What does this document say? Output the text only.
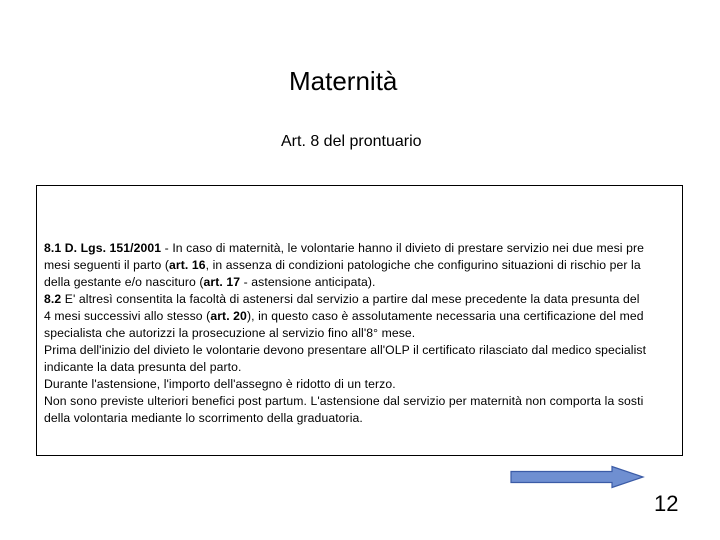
Maternità
Art. 8 del prontuario
8.1 D. Lgs. 151/2001 - In caso di maternità, le volontarie hanno il divieto di prestare servizio nei due mesi pre
mesi seguenti il parto (art. 16, in assenza di condizioni patologiche che configurino situazioni di rischio per la
della gestante e/o nascituro (art. 17 - astensione anticipata).
8.2 E' altresì consentita la facoltà di astenersi dal servizio a partire dal mese precedente la data presunta del
4 mesi successivi allo stesso (art. 20), in questo caso è assolutamente necessaria una certificazione del med
specialista che autorizzi la prosecuzione al servizio fino all'8° mese.
Prima dell'inizio del divieto le volontarie devono presentare all'OLP il certificato rilasciato dal medico specialist
indicante la data presunta del parto.
Durante l'astensione, l'importo dell'assegno è ridotto di un terzo.
Non sono previste ulteriori benefici post partum. L'astensione dal servizio per maternità non comporta la sosti
della volontaria mediante lo scorrimento della graduatoria.
12
